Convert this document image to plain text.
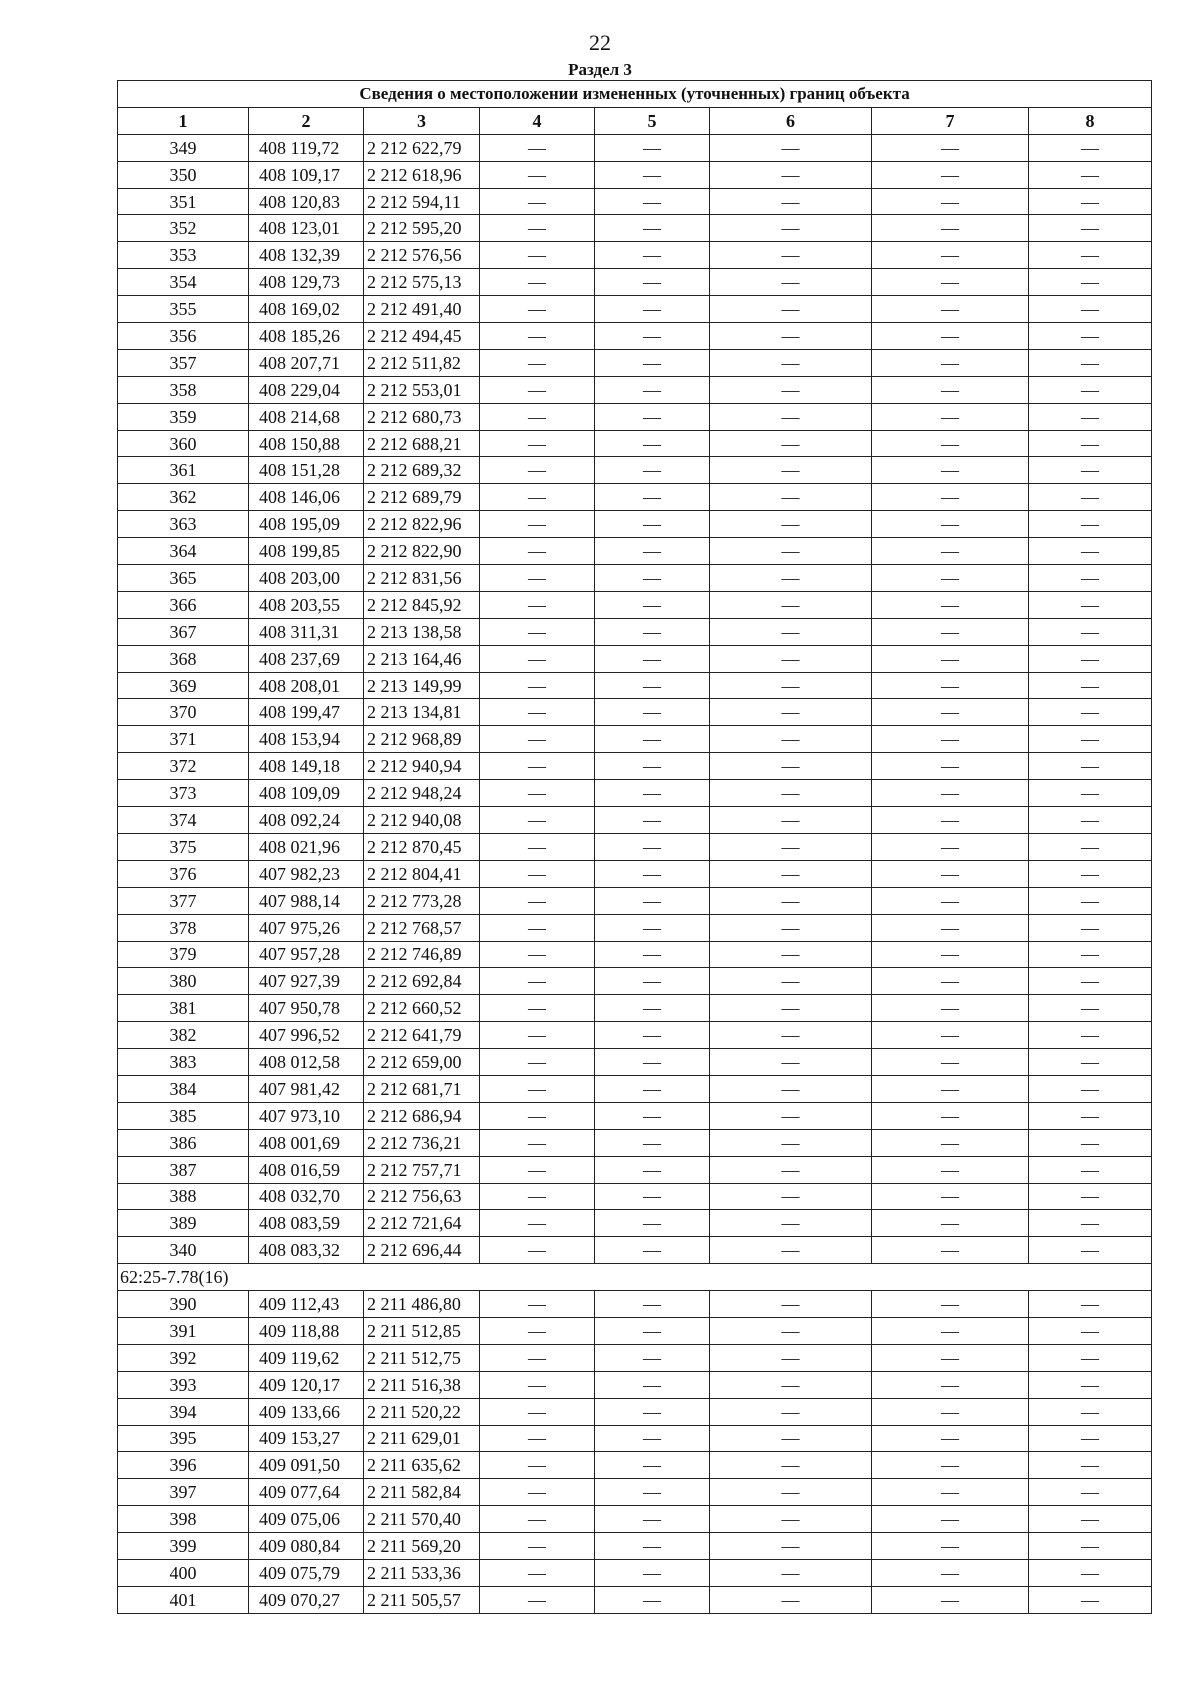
22
Раздел 3
Сведения о местоположении измененных (уточненных) границ объекта							
1	2	3	4	5	6	7	8
349	408 119,72	2 212 622,79	—	—	—	—	—
350	408 109,17	2 212 618,96	—	—	—	—	—
351	408 120,83	2 212 594,11	—	—	—	—	—
352	408 123,01	2 212 595,20	—	—	—	—	—
353	408 132,39	2 212 576,56	—	—	—	—	—
354	408 129,73	2 212 575,13	—	—	—	—	—
355	408 169,02	2 212 491,40	—	—	—	—	—
356	408 185,26	2 212 494,45	—	—	—	—	—
357	408 207,71	2 212 511,82	—	—	—	—	—
358	408 229,04	2 212 553,01	—	—	—	—	—
359	408 214,68	2 212 680,73	—	—	—	—	—
360	408 150,88	2 212 688,21	—	—	—	—	—
361	408 151,28	2 212 689,32	—	—	—	—	—
362	408 146,06	2 212 689,79	—	—	—	—	—
363	408 195,09	2 212 822,96	—	—	—	—	—
364	408 199,85	2 212 822,90	—	—	—	—	—
365	408 203,00	2 212 831,56	—	—	—	—	—
366	408 203,55	2 212 845,92	—	—	—	—	—
367	408 311,31	2 213 138,58	—	—	—	—	—
368	408 237,69	2 213 164,46	—	—	—	—	—
369	408 208,01	2 213 149,99	—	—	—	—	—
370	408 199,47	2 213 134,81	—	—	—	—	—
371	408 153,94	2 212 968,89	—	—	—	—	—
372	408 149,18	2 212 940,94	—	—	—	—	—
373	408 109,09	2 212 948,24	—	—	—	—	—
374	408 092,24	2 212 940,08	—	—	—	—	—
375	408 021,96	2 212 870,45	—	—	—	—	—
376	407 982,23	2 212 804,41	—	—	—	—	—
377	407 988,14	2 212 773,28	—	—	—	—	—
378	407 975,26	2 212 768,57	—	—	—	—	—
379	407 957,28	2 212 746,89	—	—	—	—	—
380	407 927,39	2 212 692,84	—	—	—	—	—
381	407 950,78	2 212 660,52	—	—	—	—	—
382	407 996,52	2 212 641,79	—	—	—	—	—
383	408 012,58	2 212 659,00	—	—	—	—	—
384	407 981,42	2 212 681,71	—	—	—	—	—
385	407 973,10	2 212 686,94	—	—	—	—	—
386	408 001,69	2 212 736,21	—	—	—	—	—
387	408 016,59	2 212 757,71	—	—	—	—	—
388	408 032,70	2 212 756,63	—	—	—	—	—
389	408 083,59	2 212 721,64	—	—	—	—	—
340	408 083,32	2 212 696,44	—	—	—	—	—
62:25-7.78(16)							
390	409 112,43	2 211 486,80	—	—	—	—	—
391	409 118,88	2 211 512,85	—	—	—	—	—
392	409 119,62	2 211 512,75	—	—	—	—	—
393	409 120,17	2 211 516,38	—	—	—	—	—
394	409 133,66	2 211 520,22	—	—	—	—	—
395	409 153,27	2 211 629,01	—	—	—	—	—
396	409 091,50	2 211 635,62	—	—	—	—	—
397	409 077,64	2 211 582,84	—	—	—	—	—
398	409 075,06	2 211 570,40	—	—	—	—	—
399	409 080,84	2 211 569,20	—	—	—	—	—
400	409 075,79	2 211 533,36	—	—	—	—	—
401	409 070,27	2 211 505,57	—	—	—	—	—
